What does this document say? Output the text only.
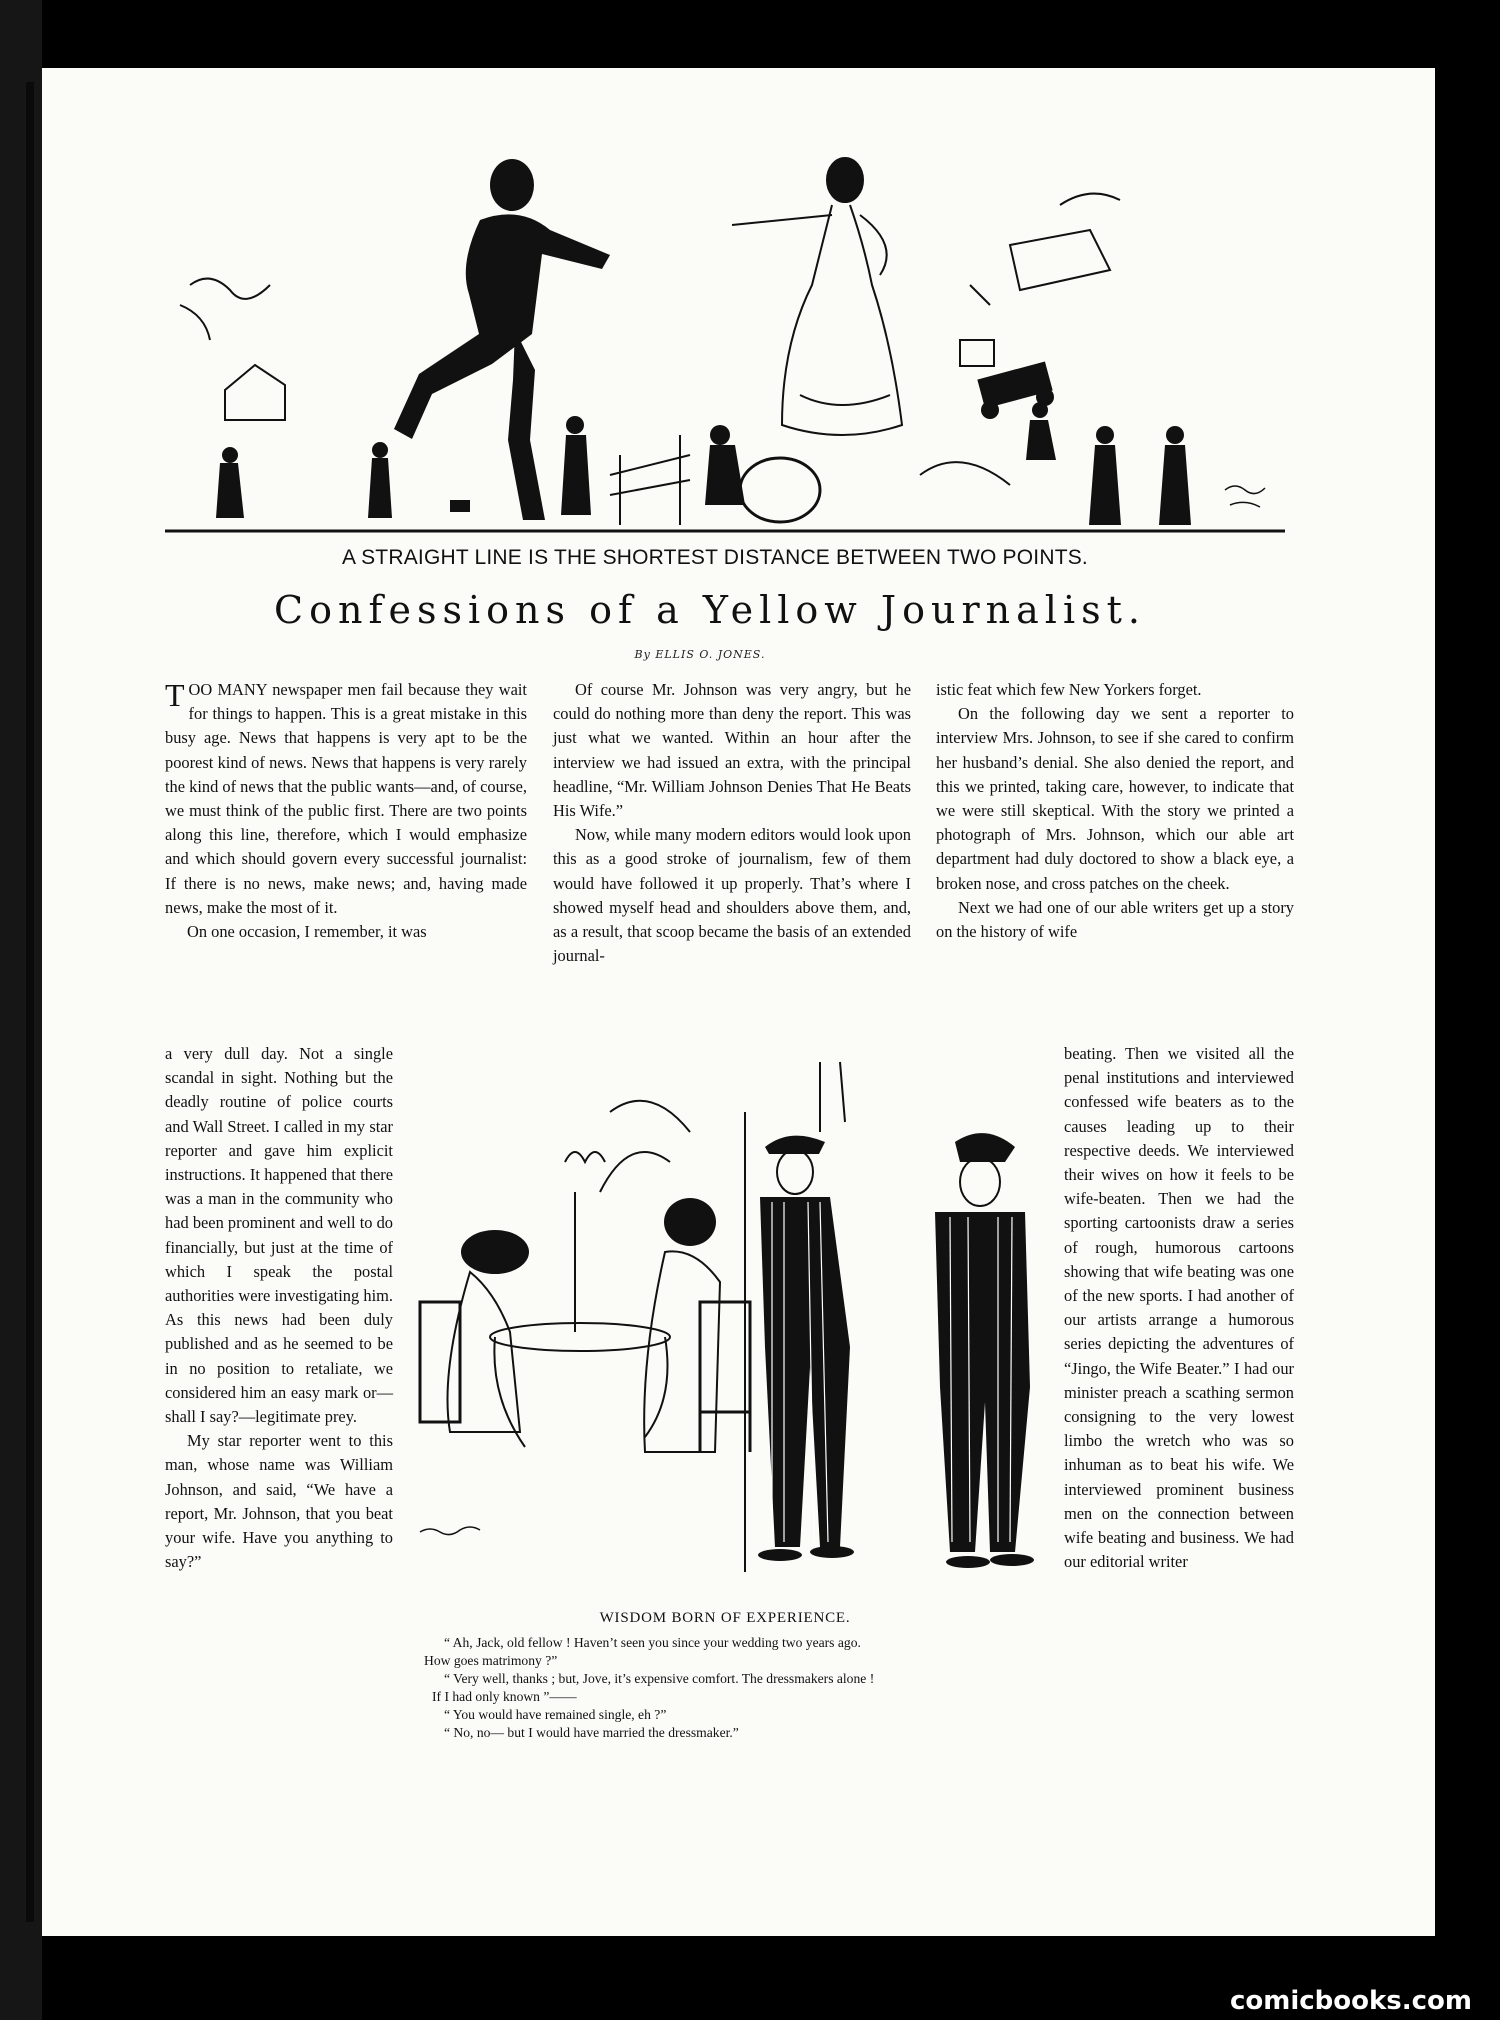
A STRAIGHT LINE IS THE SHORTEST DISTANCE BETWEEN TWO POINTS.
Confessions of a Yellow Journalist.
By ELLIS O. JONES.

TOO MANY newspaper men fail because they wait for things to happen. This is a great mistake in this busy age. News that happens is very apt to be the poorest kind of news. News that happens is very rarely the kind of news that the public wants—and, of course, we must think of the public first. There are two points along this line, therefore, which I would emphasize and which should govern every successful journalist: If there is no news, make news; and, having made news, make the most of it.

On one occasion, I remember, it was

a very dull day. Not a single scandal in sight. Nothing but the deadly routine of police courts and Wall Street. I called in my star reporter and gave him explicit instructions. It happened that there was a man in the community who had been prominent and well to do financially, but just at the time of which I speak the postal authorities were investigating him. As this news had been duly published and as he seemed to be in no position to retaliate, we considered him an easy mark or—shall I say?—legitimate prey.

My star reporter went to this man, whose name was William Johnson, and said, “We have a report, Mr. Johnson, that you beat your wife. Have you anything to say?”

Of course Mr. Johnson was very angry, but he could do nothing more than deny the report. This was just what we wanted. Within an hour after the interview we had issued an extra, with the principal headline, “Mr. William Johnson Denies That He Beats His Wife.”

Now, while many modern editors would look upon this as a good stroke of journalism, few of them would have followed it up properly. That’s where I showed myself head and shoulders above them, and, as a result, that scoop became the basis of an extended journal-

istic feat which few New Yorkers forget.

On the following day we sent a reporter to interview Mrs. Johnson, to see if she cared to confirm her husband’s denial. She also denied the report, and this we printed, taking care, however, to indicate that we were still skeptical. With the story we printed a photograph of Mrs. Johnson, which our able art department had duly doctored to show a black eye, a broken nose, and cross patches on the cheek.

Next we had one of our able writers get up a story on the history of wife

beating. Then we visited all the penal institutions and interviewed confessed wife beaters as to the causes leading up to their respective deeds. We interviewed their wives on how it feels to be wife-beaten. Then we had the sporting cartoonists draw a series of rough, humorous cartoons showing that wife beating was one of the new sports. I had another of our artists arrange a humorous series depicting the adventures of “Jingo, the Wife Beater.” I had our minister preach a scathing sermon consigning to the very lowest limbo the wretch who was so inhuman as to beat his wife. We interviewed prominent business men on the connection between wife beating and business. We had our editorial writer

WISDOM BORN OF EXPERIENCE.
“ Ah, Jack, old fellow ! Haven’t seen you since your wedding two years ago.
How goes matrimony ?”
“ Very well, thanks ; but, Jove, it’s expensive comfort. The dressmakers alone !
If I had only known ”——
“ You would have remained single, eh ?”
“ No, no— but I would have married the dressmaker.”
comicbooks.com
